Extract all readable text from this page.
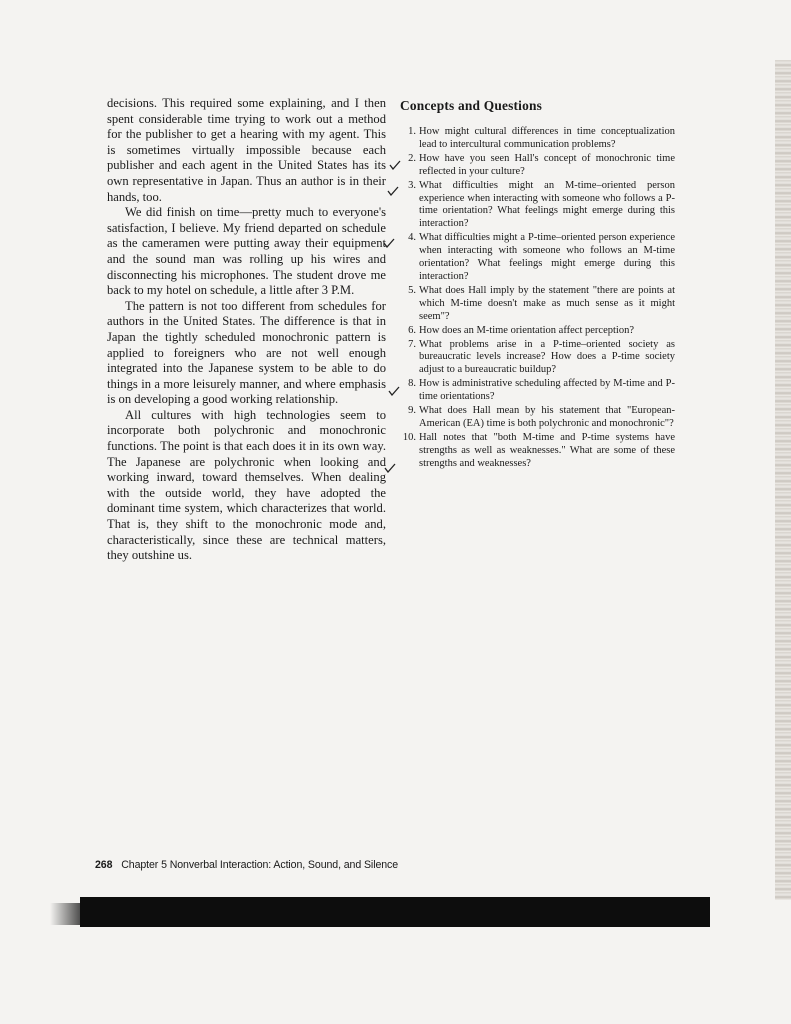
decisions. This required some explaining, and I then spent considerable time trying to work out a method for the publisher to get a hearing with my agent. This is sometimes virtually impossible because each publisher and each agent in the United States has its own representative in Japan. Thus an author is in their hands, too.

We did finish on time—pretty much to everyone's satisfaction, I believe. My friend departed on schedule as the cameramen were putting away their equipment and the sound man was rolling up his wires and disconnecting his microphones. The student drove me back to my hotel on schedule, a little after 3 P.M.

The pattern is not too different from schedules for authors in the United States. The difference is that in Japan the tightly scheduled monochronic pattern is applied to foreigners who are not well enough integrated into the Japanese system to be able to do things in a more leisurely manner, and where emphasis is on developing a good working relationship.

All cultures with high technologies seem to incorporate both polychronic and monochronic functions. The point is that each does it in its own way. The Japanese are polychronic when looking and working inward, toward themselves. When dealing with the outside world, they have adopted the dominant time system, which characterizes that world. That is, they shift to the monochronic mode and, characteristically, since these are technical matters, they outshine us.

Concepts and Questions
1. How might cultural differences in time conceptualization lead to intercultural communication problems?
2. How have you seen Hall's concept of monochronic time reflected in your culture?
3. What difficulties might an M-time–oriented person experience when interacting with someone who follows a P-time orientation? What feelings might emerge during this interaction?
4. What difficulties might a P-time–oriented person experience when interacting with someone who follows an M-time orientation? What feelings might emerge during this interaction?
5. What does Hall imply by the statement "there are points at which M-time doesn't make as much sense as it might seem"?
6. How does an M-time orientation affect perception?
7. What problems arise in a P-time–oriented society as bureaucratic levels increase? How does a P-time society adjust to a bureaucratic buildup?
8. How is administrative scheduling affected by M-time and P-time orientations?
9. What does Hall mean by his statement that "European-American (EA) time is both polychronic and monochronic"?
10. Hall notes that "both M-time and P-time systems have strengths as well as weaknesses." What are some of these strengths and weaknesses?
268 Chapter 5 Nonverbal Interaction: Action, Sound, and Silence
